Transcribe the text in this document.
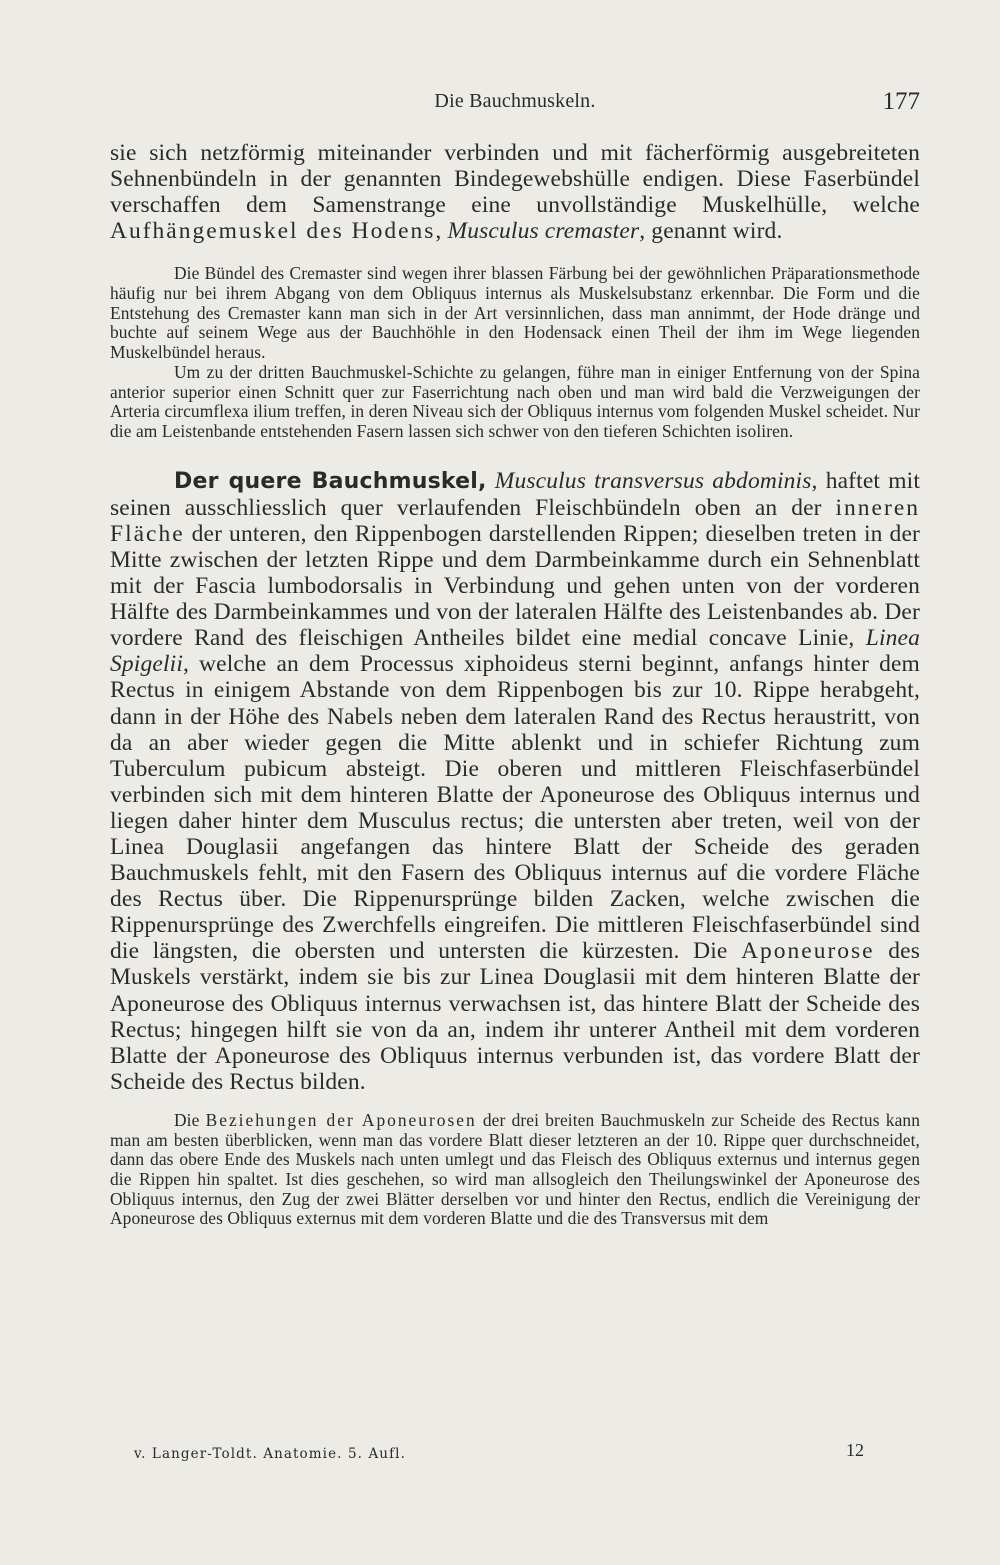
Die Bauchmuskeln.	177

sie sich netzförmig miteinander verbinden und mit fächerförmig ausgebreiteten Sehnenbündeln in der genannten Bindegewebshülle endigen. Diese Faserbündel verschaffen dem Samenstrange eine unvollständige Muskelhülle, welche Aufhängemuskel des Hodens, Musculus cremaster, genannt wird.

Die Bündel des Cremaster sind wegen ihrer blassen Färbung bei der gewöhnlichen Präparationsmethode häufig nur bei ihrem Abgang von dem Obliquus internus als Muskelsubstanz erkennbar. Die Form und die Entstehung des Cremaster kann man sich in der Art versinnlichen, dass man annimmt, der Hode dränge und buchte auf seinem Wege aus der Bauchhöhle in den Hodensack einen Theil der ihm im Wege liegenden Muskelbündel heraus.

Um zu der dritten Bauchmuskel-Schichte zu gelangen, führe man in einiger Entfernung von der Spina anterior superior einen Schnitt quer zur Faserrichtung nach oben und man wird bald die Verzweigungen der Arteria circumflexa ilium treffen, in deren Niveau sich der Obliquus internus vom folgenden Muskel scheidet. Nur die am Leistenbande entstehenden Fasern lassen sich schwer von den tieferen Schichten isoliren.

Der quere Bauchmuskel, Musculus transversus abdominis, haftet mit seinen ausschliesslich quer verlaufenden Fleischbündeln oben an der inneren Fläche der unteren, den Rippenbogen darstellenden Rippen; dieselben treten in der Mitte zwischen der letzten Rippe und dem Darmbeinkamme durch ein Sehnenblatt mit der Fascia lumbodorsalis in Verbindung und gehen unten von der vorderen Hälfte des Darmbeinkammes und von der lateralen Hälfte des Leistenbandes ab. Der vordere Rand des fleischigen Antheiles bildet eine medial concave Linie, Linea Spigelii, welche an dem Processus xiphoideus sterni beginnt, anfangs hinter dem Rectus in einigem Abstande von dem Rippenbogen bis zur 10. Rippe herabgeht, dann in der Höhe des Nabels neben dem lateralen Rand des Rectus heraustritt, von da an aber wieder gegen die Mitte ablenkt und in schiefer Richtung zum Tuberculum pubicum absteigt. Die oberen und mittleren Fleischfaserbündel verbinden sich mit dem hinteren Blatte der Aponeurose des Obliquus internus und liegen daher hinter dem Musculus rectus; die untersten aber treten, weil von der Linea Douglasii angefangen das hintere Blatt der Scheide des geraden Bauchmuskels fehlt, mit den Fasern des Obliquus internus auf die vordere Fläche des Rectus über. Die Rippenursprünge bilden Zacken, welche zwischen die Rippenursprünge des Zwerchfells eingreifen. Die mittleren Fleischfaserbündel sind die längsten, die obersten und untersten die kürzesten. Die Aponeurose des Muskels verstärkt, indem sie bis zur Linea Douglasii mit dem hinteren Blatte der Aponeurose des Obliquus internus verwachsen ist, das hintere Blatt der Scheide des Rectus; hingegen hilft sie von da an, indem ihr unterer Antheil mit dem vorderen Blatte der Aponeurose des Obliquus internus verbunden ist, das vordere Blatt der Scheide des Rectus bilden.

Die Beziehungen der Aponeurosen der drei breiten Bauchmuskeln zur Scheide des Rectus kann man am besten überblicken, wenn man das vordere Blatt dieser letzteren an der 10. Rippe quer durchschneidet, dann das obere Ende des Muskels nach unten umlegt und das Fleisch des Obliquus externus und internus gegen die Rippen hin spaltet. Ist dies geschehen, so wird man allsogleich den Theilungswinkel der Aponeurose des Obliquus internus, den Zug der zwei Blätter derselben vor und hinter den Rectus, endlich die Vereinigung der Aponeurose des Obliquus externus mit dem vorderen Blatte und die des Transversus mit dem

v. Langer-Toldt. Anatomie. 5. Aufl.	12
